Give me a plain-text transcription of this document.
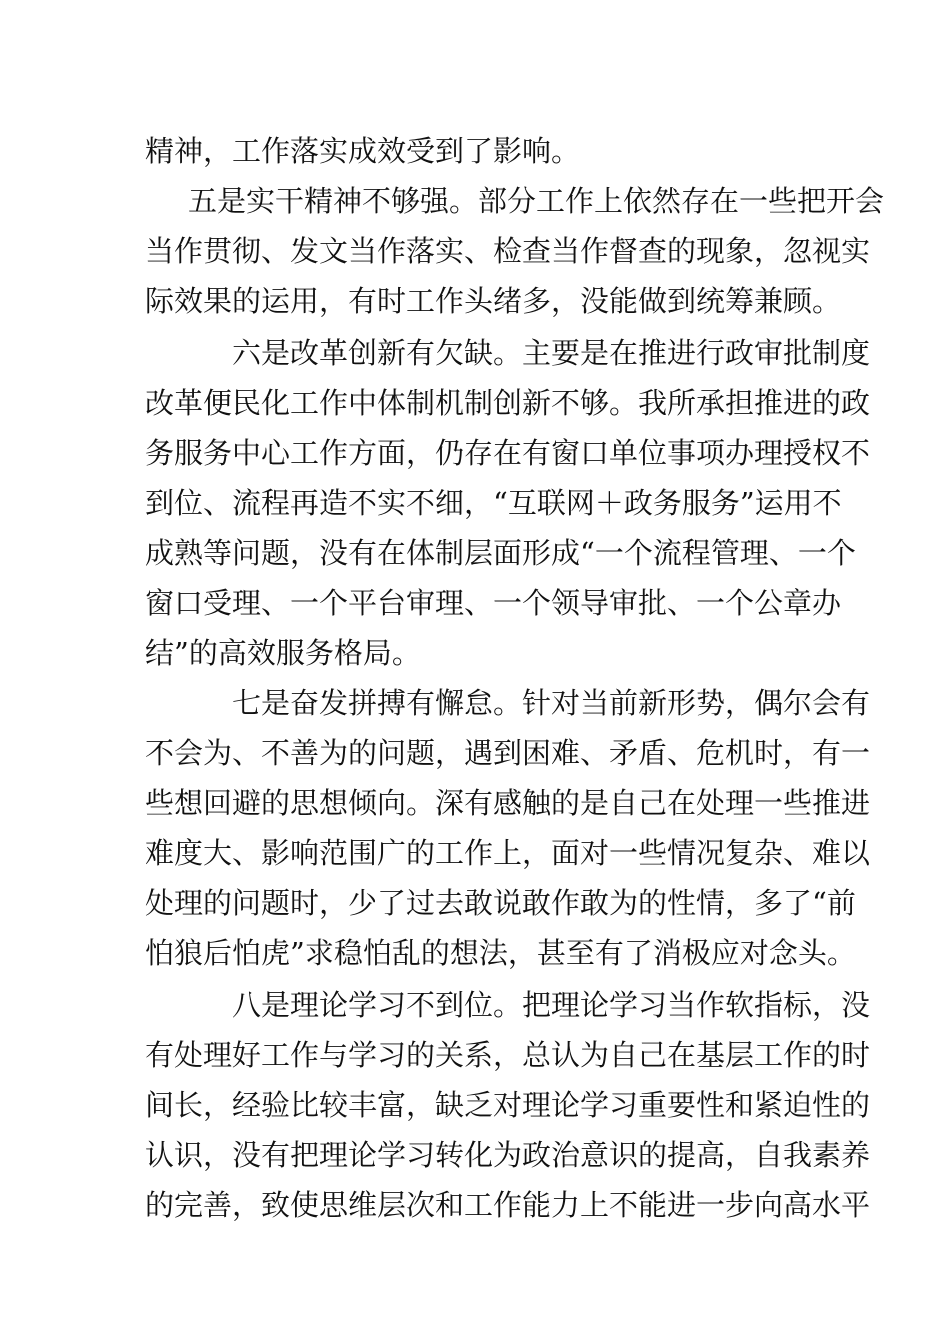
精神，工作落实成效受到了影响。
五是实干精神不够强。部分工作上依然存在一些把开会
当作贯彻、发文当作落实、检查当作督查的现象，忽视实
际效果的运用，有时工作头绪多，没能做到统筹兼顾。
六是改革创新有欠缺。主要是在推进行政审批制度
改革便民化工作中体制机制创新不够。我所承担推进的政
务服务中心工作方面，仍存在有窗口单位事项办理授权不
到位、流程再造不实不细，“互联网＋政务服务”运用不
成熟等问题，没有在体制层面形成“一个流程管理、一个
窗口受理、一个平台审理、一个领导审批、一个公章办
结”的高效服务格局。
七是奋发拼搏有懈怠。针对当前新形势，偶尔会有
不会为、不善为的问题，遇到困难、矛盾、危机时，有一
些想回避的思想倾向。深有感触的是自己在处理一些推进
难度大、影响范围广的工作上，面对一些情况复杂、难以
处理的问题时，少了过去敢说敢作敢为的性情，多了“前
怕狼后怕虎”求稳怕乱的想法，甚至有了消极应对念头。
八是理论学习不到位。把理论学习当作软指标，没
有处理好工作与学习的关系，总认为自己在基层工作的时
间长，经验比较丰富，缺乏对理论学习重要性和紧迫性的
认识，没有把理论学习转化为政治意识的提高，自我素养
的完善，致使思维层次和工作能力上不能进一步向高水平
